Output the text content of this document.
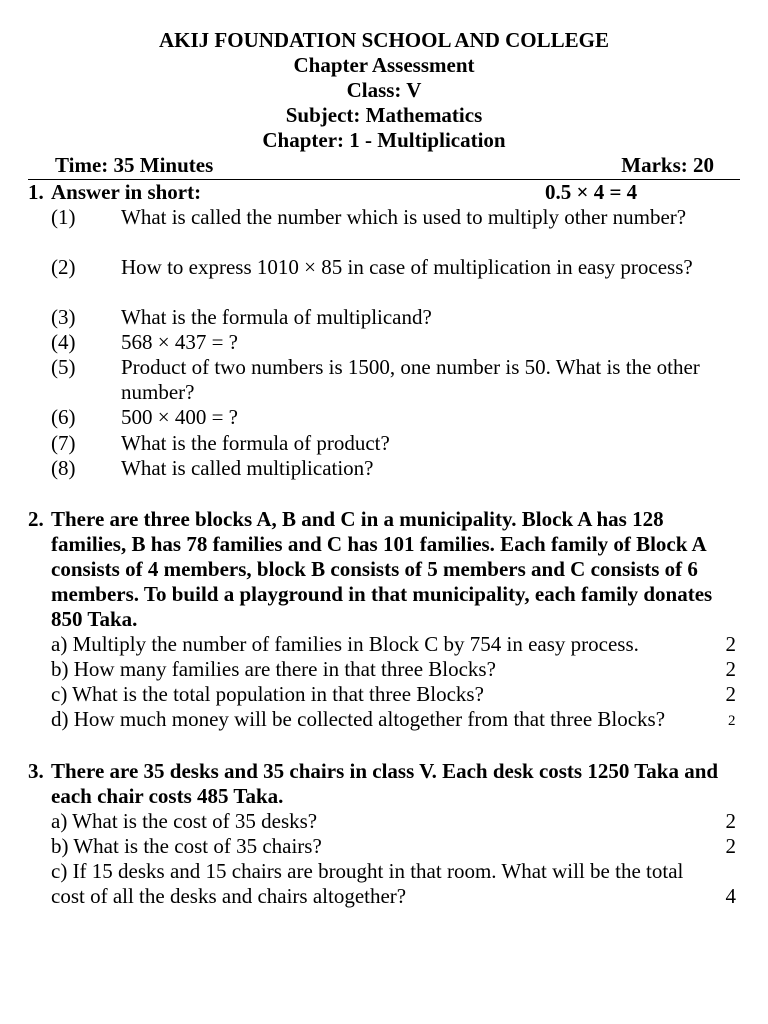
AKIJ FOUNDATION SCHOOL AND COLLEGE
Chapter Assessment
Class: V
Subject: Mathematics
Chapter: 1 - Multiplication
Time: 35 Minutes	Marks: 20
1. Answer in short:	0.5 × 4 = 4
(1) What is called the number which is used to multiply other number?
(2) How to express 1010 × 85 in case of multiplication in easy process?
(3) What is the formula of multiplicand?
(4) 568 × 437 = ?
(5) Product of two numbers is 1500, one number is 50. What is the other number?
(6) 500 × 400 = ?
(7) What is the formula of product?
(8) What is called multiplication?
2. There are three blocks A, B and C in a municipality. Block A has 128 families, B has 78 families and C has 101 families. Each family of Block A consists of 4 members, block B consists of 5 members and C consists of 6 members. To build a playground in that municipality, each family donates 850 Taka.
a) Multiply the number of families in Block C by 754 in easy process.	2
b) How many families are there in that three Blocks?	2
c) What is the total population in that three Blocks?	2
d) How much money will be collected altogether from that three Blocks?	2
3. There are 35 desks and 35 chairs in class V. Each desk costs 1250 Taka and each chair costs 485 Taka.
a) What is the cost of 35 desks?	2
b) What is the cost of 35 chairs?	2
c) If 15 desks and 15 chairs are brought in that room. What will be the total cost of all the desks and chairs altogether?	4
